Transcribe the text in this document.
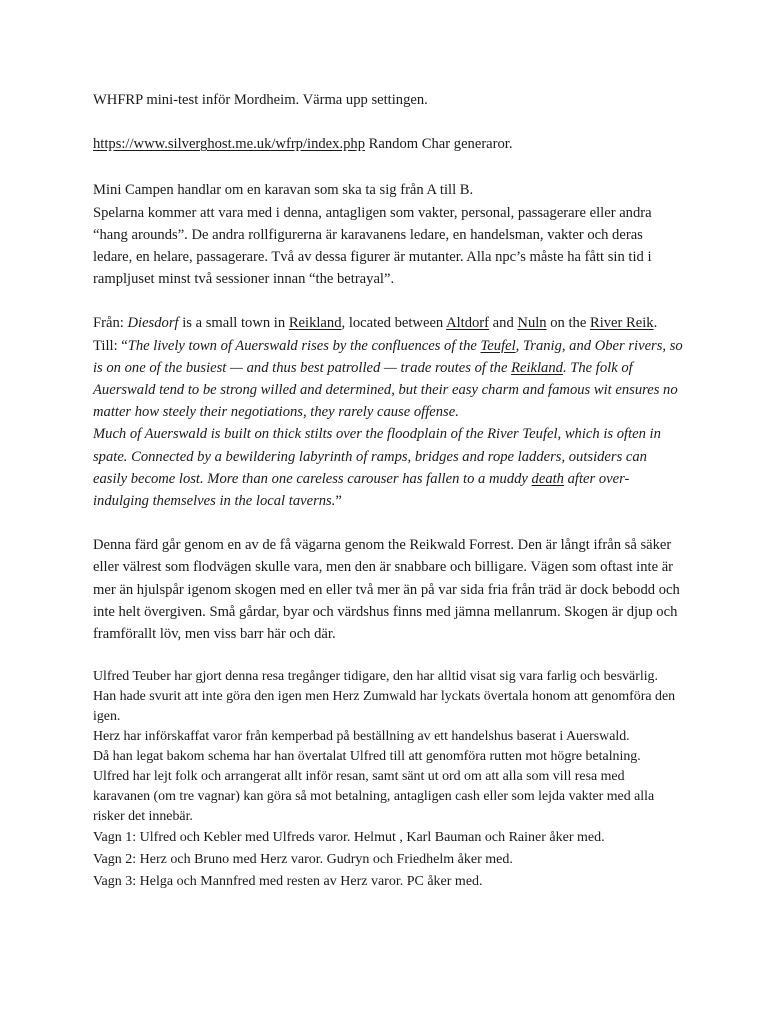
WHFRP mini-test inför Mordheim. Värma upp settingen.

https://www.silverghost.me.uk/wfrp/index.php Random Char generaror.

Mini Campen handlar om en karavan som ska ta sig från A till B.

Spelarna kommer att vara med i denna, antagligen som vakter, personal, passagerare eller andra “hang arounds”. De andra rollfigurerna är karavanens ledare, en handelsman, vakter och deras ledare, en helare, passagerare. Två av dessa figurer är mutanter. Alla npc’s måste ha fått sin tid i rampljuset minst två sessioner innan “the betrayal”.

Från: Diesdorf is a small town in Reikland, located between Altdorf and Nuln on the River Reik.

Till: “The lively town of Auerswald rises by the confluences of the Teufel, Tranig, and Ober rivers, so is on one of the busiest — and thus best patrolled — trade routes of the Reikland. The folk of Auerswald tend to be strong willed and determined, but their easy charm and famous wit ensures no matter how steely their negotiations, they rarely cause offense.

Much of Auerswald is built on thick stilts over the floodplain of the River Teufel, which is often in spate. Connected by a bewildering labyrinth of ramps, bridges and rope ladders, outsiders can easily become lost. More than one careless carouser has fallen to a muddy death after over-indulging themselves in the local taverns.”

Denna färd går genom en av de få vägarna genom the Reikwald Forrest. Den är långt ifrån så säker eller välrest som flodvägen skulle vara, men den är snabbare och billigare. Vägen som oftast inte är mer än hjulspår igenom skogen med en eller två mer än på var sida fria från träd är dock bebodd och inte helt övergiven. Små gårdar, byar och värdshus finns med jämna mellanrum. Skogen är djup och framförallt löv, men viss barr här och där.

Ulfred Teuber har gjort denna resa tregånger tidigare, den har alltid visat sig vara farlig och besvärlig. Han hade svurit att inte göra den igen men Herz Zumwald har lyckats övertala honom att genomföra den igen.

Herz har införskaffat varor från kemperbad på beställning av ett handelshus baserat i Auerswald.

Då han legat bakom schema har han övertalat Ulfred till att genomföra rutten mot högre betalning.

Ulfred har lejt folk och arrangerat allt inför resan, samt sänt ut ord om att alla som vill resa med karavanen (om tre vagnar) kan göra så mot betalning, antagligen cash eller som lejda vakter med alla risker det innebär.

Vagn 1: Ulfred och Kebler med Ulfreds varor. Helmut , Karl Bauman och Rainer åker med.

Vagn 2: Herz och Bruno med Herz varor. Gudryn och Friedhelm åker med.

Vagn 3: Helga och Mannfred med resten av Herz varor. PC åker med.
